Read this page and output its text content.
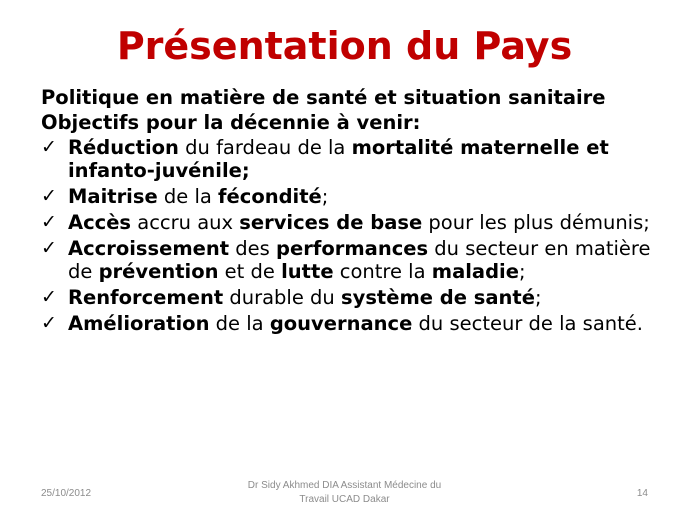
Présentation du Pays
Politique en matière de santé et situation sanitaire
Objectifs pour la décennie à venir:
✓ Réduction du fardeau de la mortalité maternelle et infanto-juvénile;
✓ Maitrise de la fécondité;
✓ Accès accru aux services de base pour les plus démunis;
✓ Accroissement des performances du secteur en matière de prévention et de lutte contre la maladie;
✓ Renforcement durable du système de santé;
✓ Amélioration de la gouvernance du secteur de la santé.
25/10/2012
Dr Sidy Akhmed DIA Assistant Médecine du
Travail UCAD Dakar
14
